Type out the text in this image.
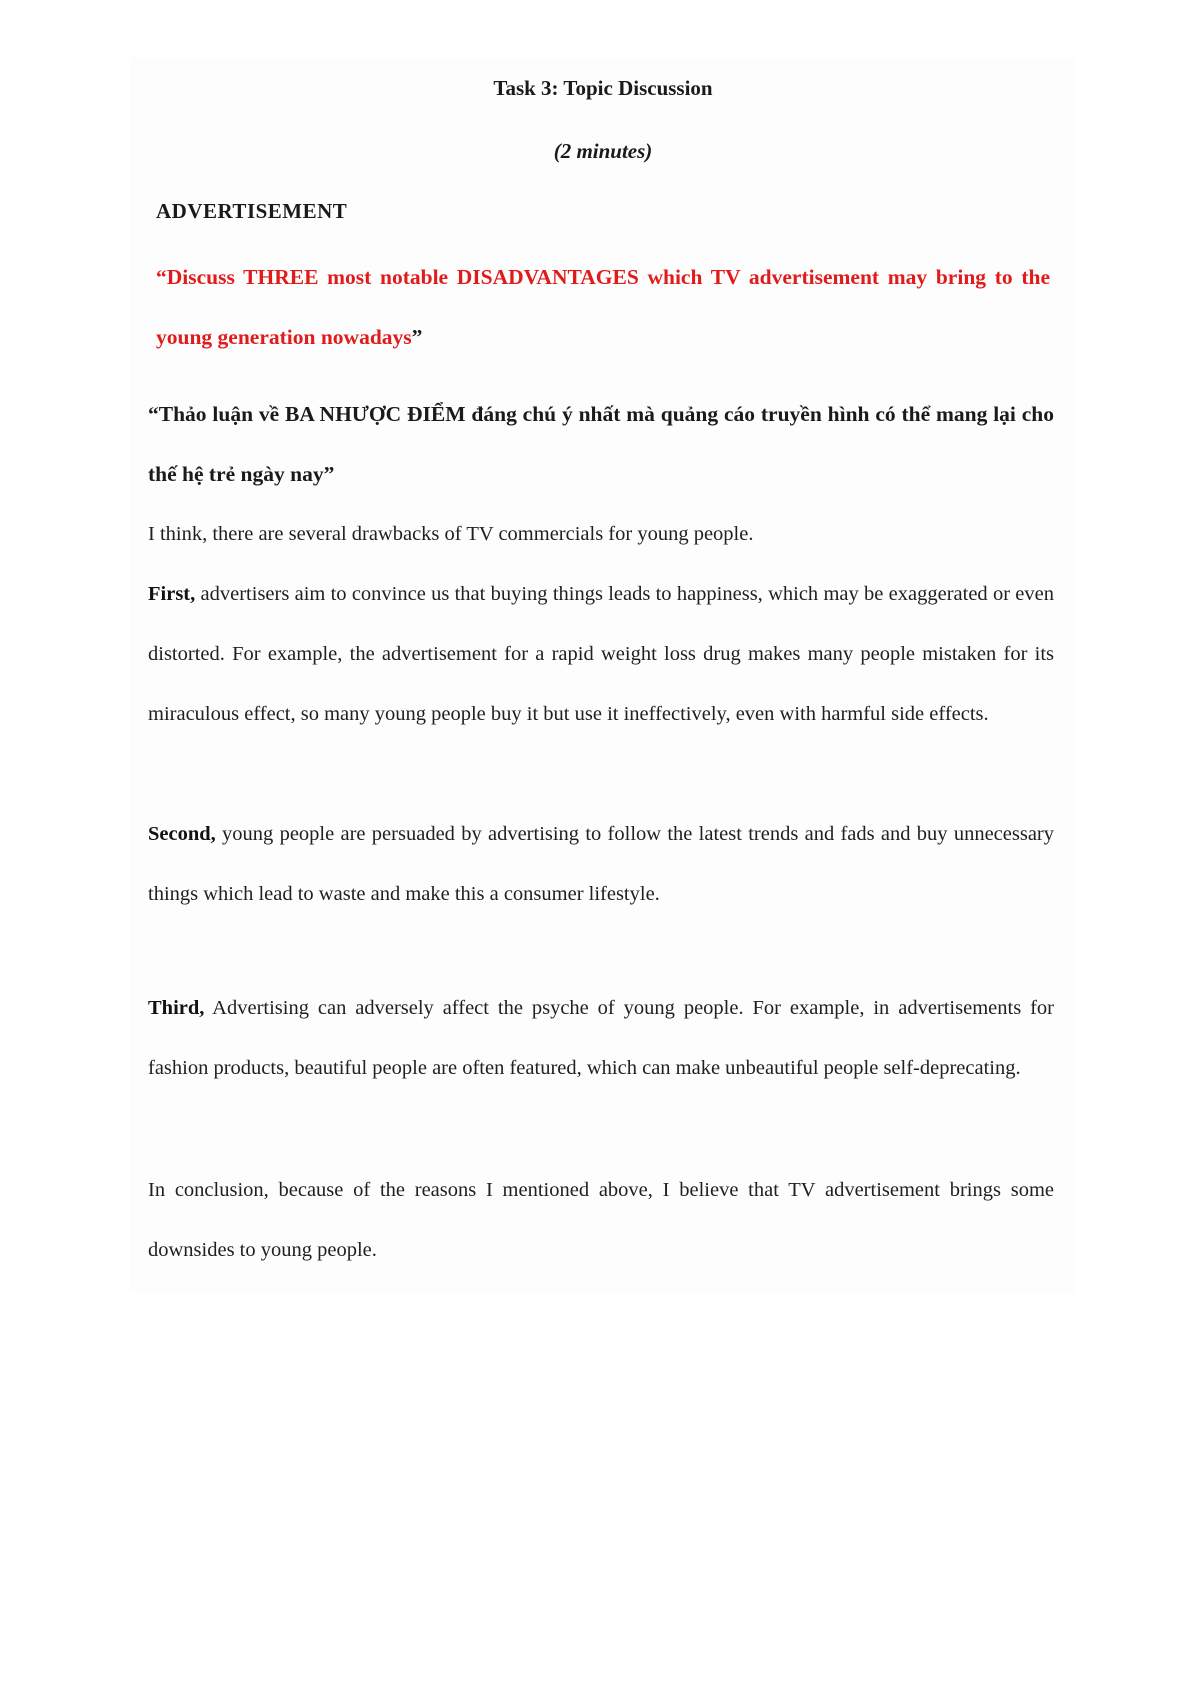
Task 3: Topic Discussion

(2 minutes)

ADVERTISEMENT

“Discuss THREE most notable DISADVANTAGES which TV advertisement may bring to the young generation nowadays”

“Thảo luận về BA NHƯỢC ĐIỂM đáng chú ý nhất mà quảng cáo truyền hình có thể mang lại cho thế hệ trẻ ngày nay”

I think, there are several drawbacks of TV commercials for young people.

First, advertisers aim to convince us that buying things leads to happiness, which may be exaggerated or even distorted. For example, the advertisement for a rapid weight loss drug makes many people mistaken for its miraculous effect, so many young people buy it but use it ineffectively, even with harmful side effects.

Second, young people are persuaded by advertising to follow the latest trends and fads and buy unnecessary things which lead to waste and make this a consumer lifestyle.

Third, Advertising can adversely affect the psyche of young people. For example, in advertisements for fashion products, beautiful people are often featured, which can make unbeautiful people self-deprecating.

In conclusion, because of the reasons I mentioned above, I believe that TV advertisement brings some downsides to young people.
